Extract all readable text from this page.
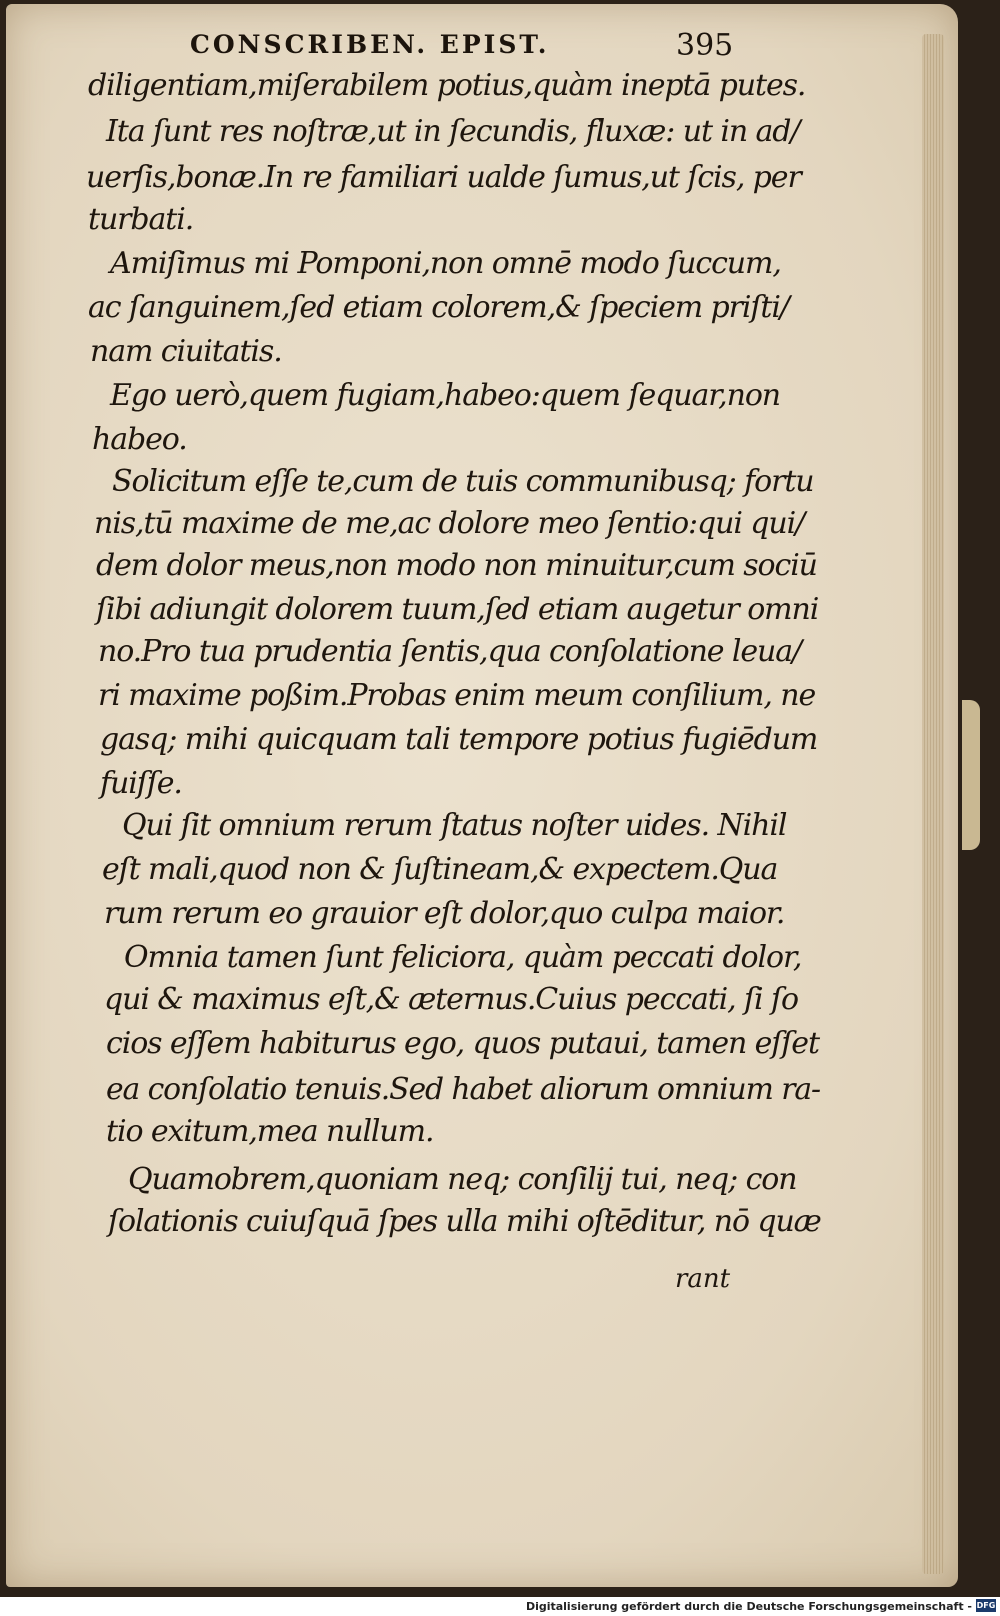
CONSCRIBEN. EPIST.	395
diligentiam,miſerabilem potius,quàm ineptā putes.
Ita ſunt res noſtræ,ut in ſecundis, fluxæ: ut in ad/
uerſis,bonæ.In re familiari ualde ſumus,ut ſcis, per
turbati.
Amiſimus mi Pomponi,non omnē modo ſuccum,
ac ſanguinem,ſed etiam colorem,& ſpeciem priſti/
nam ciuitatis.
Ego uerò,quem fugiam,habeo:quem ſequar,non
habeo.
Solicitum eſſe te,cum de tuis communibusq; fortu
nis,tū maxime de me,ac dolore meo ſentio:qui qui/
dem dolor meus,non modo non minuitur,cum sociū
ſibi adiungit dolorem tuum,ſed etiam augetur omni
no.Pro tua prudentia ſentis,qua conſolatione leua/
ri maxime poßim.Probas enim meum conſilium, ne
gasq; mihi quicquam tali tempore potius fugiēdum
fuiſſe.
Qui ſit omnium rerum ſtatus noſter uides. Nihil
eſt mali,quod non & ſuſtineam,& expectem.Qua
rum rerum eo grauior eſt dolor,quo culpa maior.
Omnia tamen ſunt feliciora, quàm peccati dolor,
qui & maximus eſt,& æternus.Cuius peccati, ſi ſo
cios eſſem habiturus ego, quos putaui, tamen eſſet
ea conſolatio tenuis.Sed habet aliorum omnium ra-
tio exitum,mea nullum.
Quamobrem,quoniam neq; conſilij tui, neq; con
ſolationis cuiuſquā ſpes ulla mihi oſtēditur, nō quæ
rant
Digitalisierung gefördert durch die Deutsche Forschungsgemeinschaft - DFG
